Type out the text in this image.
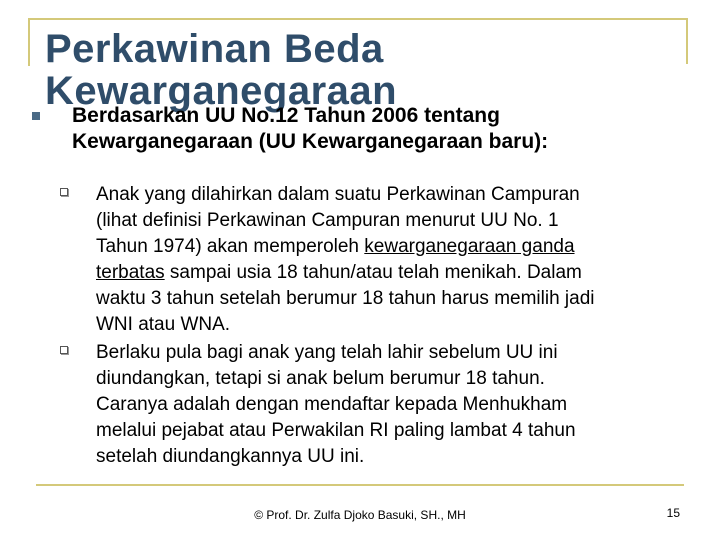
Perkawinan Beda Kewarganegaraan
Berdasarkan UU No.12 Tahun 2006 tentang
Kewarganegaraan (UU Kewarganegaraan baru):
Anak yang dilahirkan dalam suatu Perkawinan Campuran
(lihat definisi Perkawinan Campuran menurut UU No. 1
Tahun 1974) akan memperoleh kewarganegaraan ganda
terbatas sampai usia 18 tahun/atau telah menikah. Dalam
waktu 3 tahun setelah berumur 18 tahun harus memilih jadi
WNI atau WNA.
Berlaku pula bagi anak yang telah lahir sebelum UU ini
diundangkan, tetapi si anak belum berumur 18 tahun.
Caranya adalah dengan mendaftar kepada Menhukham
melalui pejabat atau Perwakilan RI paling lambat 4 tahun
setelah diundangkannya UU ini.
© Prof. Dr. Zulfa Djoko Basuki, SH., MH	15
